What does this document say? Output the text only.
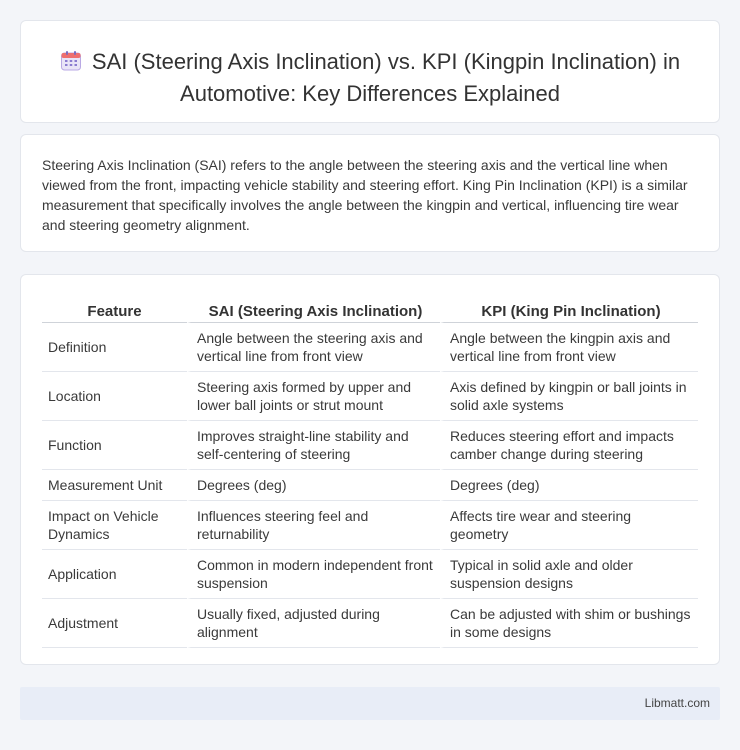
SAI (Steering Axis Inclination) vs. KPI (Kingpin Inclination) in Automotive: Key Differences Explained

Steering Axis Inclination (SAI) refers to the angle between the steering axis and the vertical line when viewed from the front, impacting vehicle stability and steering effort. King Pin Inclination (KPI) is a similar measurement that specifically involves the angle between the kingpin and vertical, influencing tire wear and steering geometry alignment.

Feature	SAI (Steering Axis Inclination)	KPI (King Pin Inclination)
Definition	Angle between the steering axis and vertical line from front view	Angle between the kingpin axis and vertical line from front view
Location	Steering axis formed by upper and lower ball joints or strut mount	Axis defined by kingpin or ball joints in solid axle systems
Function	Improves straight-line stability and self-centering of steering	Reduces steering effort and impacts camber change during steering
Measurement Unit	Degrees (deg)	Degrees (deg)
Impact on Vehicle Dynamics	Influences steering feel and returnability	Affects tire wear and steering geometry
Application	Common in modern independent front suspension	Typical in solid axle and older suspension designs
Adjustment	Usually fixed, adjusted during alignment	Can be adjusted with shim or bushings in some designs
Libmatt.com
